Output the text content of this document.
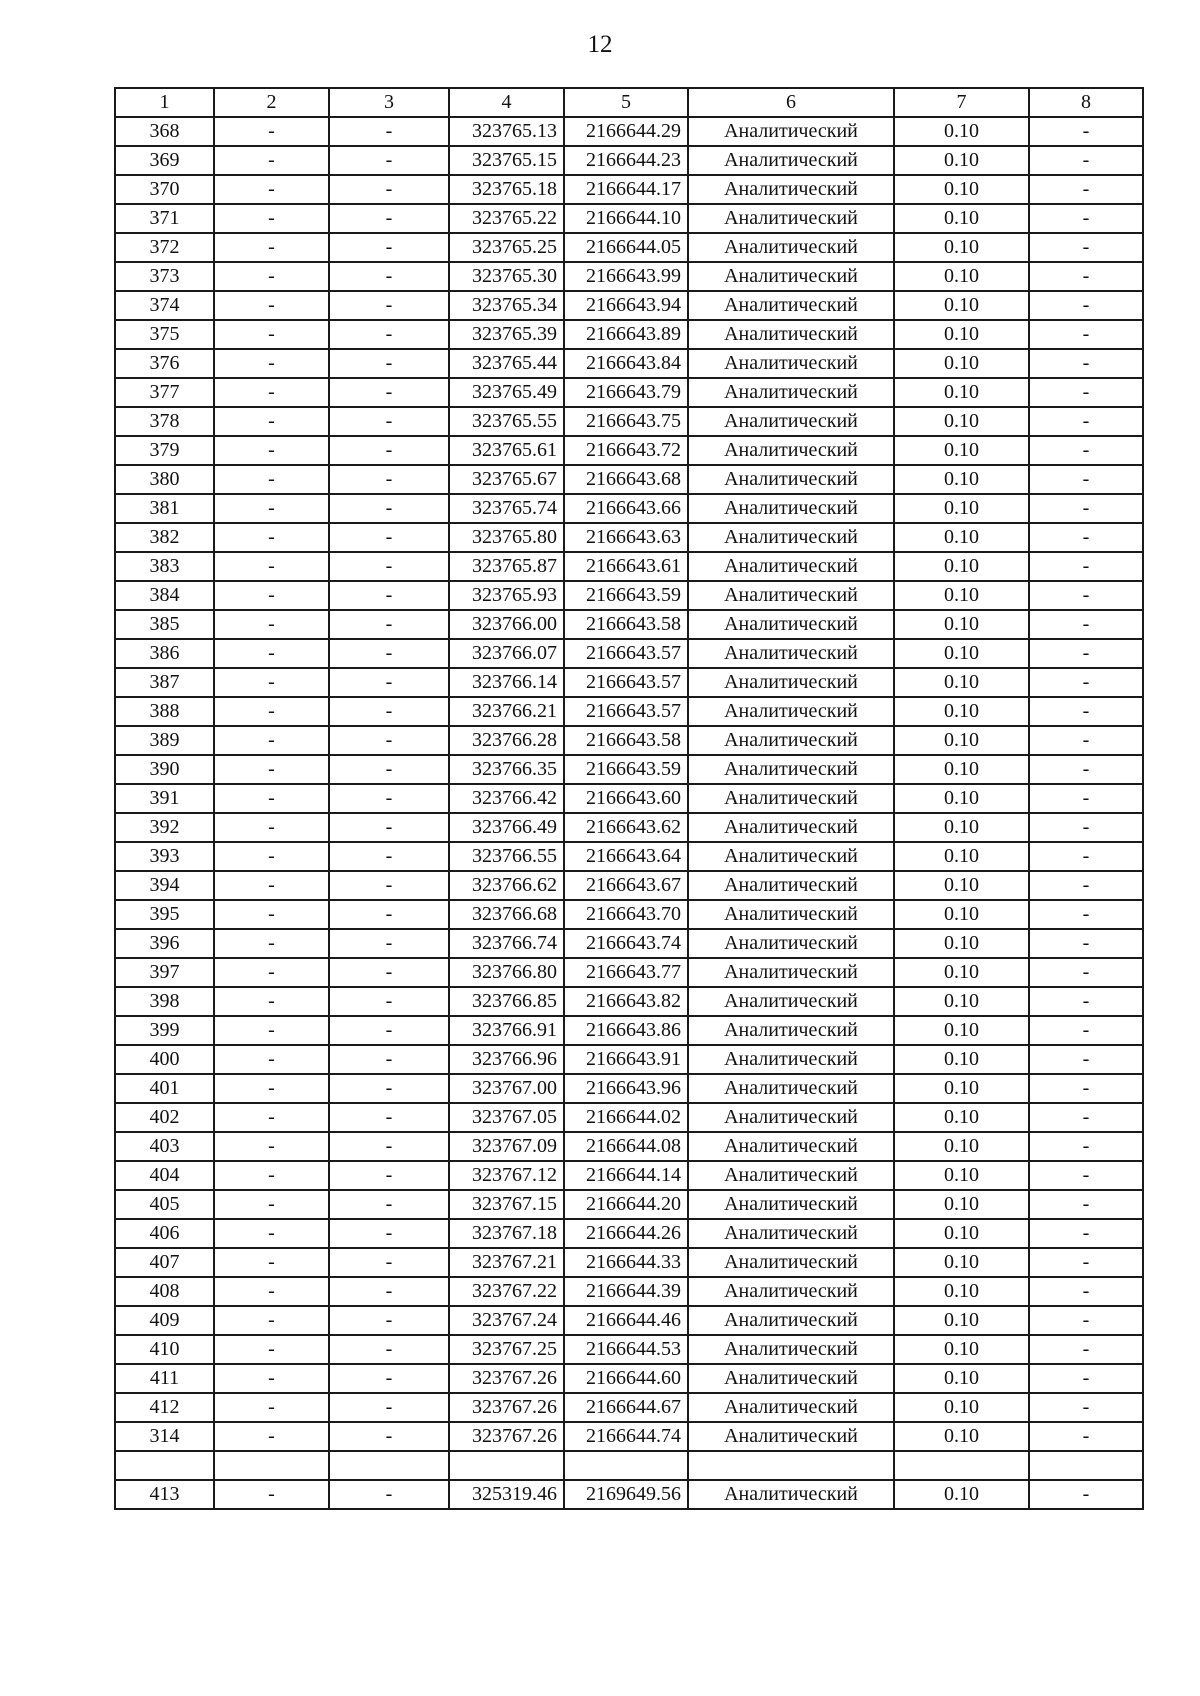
12
1	2	3	4	5	6	7	8
368	-	-	323765.13	2166644.29	Аналитический	0.10	-
369	-	-	323765.15	2166644.23	Аналитический	0.10	-
370	-	-	323765.18	2166644.17	Аналитический	0.10	-
371	-	-	323765.22	2166644.10	Аналитический	0.10	-
372	-	-	323765.25	2166644.05	Аналитический	0.10	-
373	-	-	323765.30	2166643.99	Аналитический	0.10	-
374	-	-	323765.34	2166643.94	Аналитический	0.10	-
375	-	-	323765.39	2166643.89	Аналитический	0.10	-
376	-	-	323765.44	2166643.84	Аналитический	0.10	-
377	-	-	323765.49	2166643.79	Аналитический	0.10	-
378	-	-	323765.55	2166643.75	Аналитический	0.10	-
379	-	-	323765.61	2166643.72	Аналитический	0.10	-
380	-	-	323765.67	2166643.68	Аналитический	0.10	-
381	-	-	323765.74	2166643.66	Аналитический	0.10	-
382	-	-	323765.80	2166643.63	Аналитический	0.10	-
383	-	-	323765.87	2166643.61	Аналитический	0.10	-
384	-	-	323765.93	2166643.59	Аналитический	0.10	-
385	-	-	323766.00	2166643.58	Аналитический	0.10	-
386	-	-	323766.07	2166643.57	Аналитический	0.10	-
387	-	-	323766.14	2166643.57	Аналитический	0.10	-
388	-	-	323766.21	2166643.57	Аналитический	0.10	-
389	-	-	323766.28	2166643.58	Аналитический	0.10	-
390	-	-	323766.35	2166643.59	Аналитический	0.10	-
391	-	-	323766.42	2166643.60	Аналитический	0.10	-
392	-	-	323766.49	2166643.62	Аналитический	0.10	-
393	-	-	323766.55	2166643.64	Аналитический	0.10	-
394	-	-	323766.62	2166643.67	Аналитический	0.10	-
395	-	-	323766.68	2166643.70	Аналитический	0.10	-
396	-	-	323766.74	2166643.74	Аналитический	0.10	-
397	-	-	323766.80	2166643.77	Аналитический	0.10	-
398	-	-	323766.85	2166643.82	Аналитический	0.10	-
399	-	-	323766.91	2166643.86	Аналитический	0.10	-
400	-	-	323766.96	2166643.91	Аналитический	0.10	-
401	-	-	323767.00	2166643.96	Аналитический	0.10	-
402	-	-	323767.05	2166644.02	Аналитический	0.10	-
403	-	-	323767.09	2166644.08	Аналитический	0.10	-
404	-	-	323767.12	2166644.14	Аналитический	0.10	-
405	-	-	323767.15	2166644.20	Аналитический	0.10	-
406	-	-	323767.18	2166644.26	Аналитический	0.10	-
407	-	-	323767.21	2166644.33	Аналитический	0.10	-
408	-	-	323767.22	2166644.39	Аналитический	0.10	-
409	-	-	323767.24	2166644.46	Аналитический	0.10	-
410	-	-	323767.25	2166644.53	Аналитический	0.10	-
411	-	-	323767.26	2166644.60	Аналитический	0.10	-
412	-	-	323767.26	2166644.67	Аналитический	0.10	-
314	-	-	323767.26	2166644.74	Аналитический	0.10	-

413	-	-	325319.46	2169649.56	Аналитический	0.10	-
